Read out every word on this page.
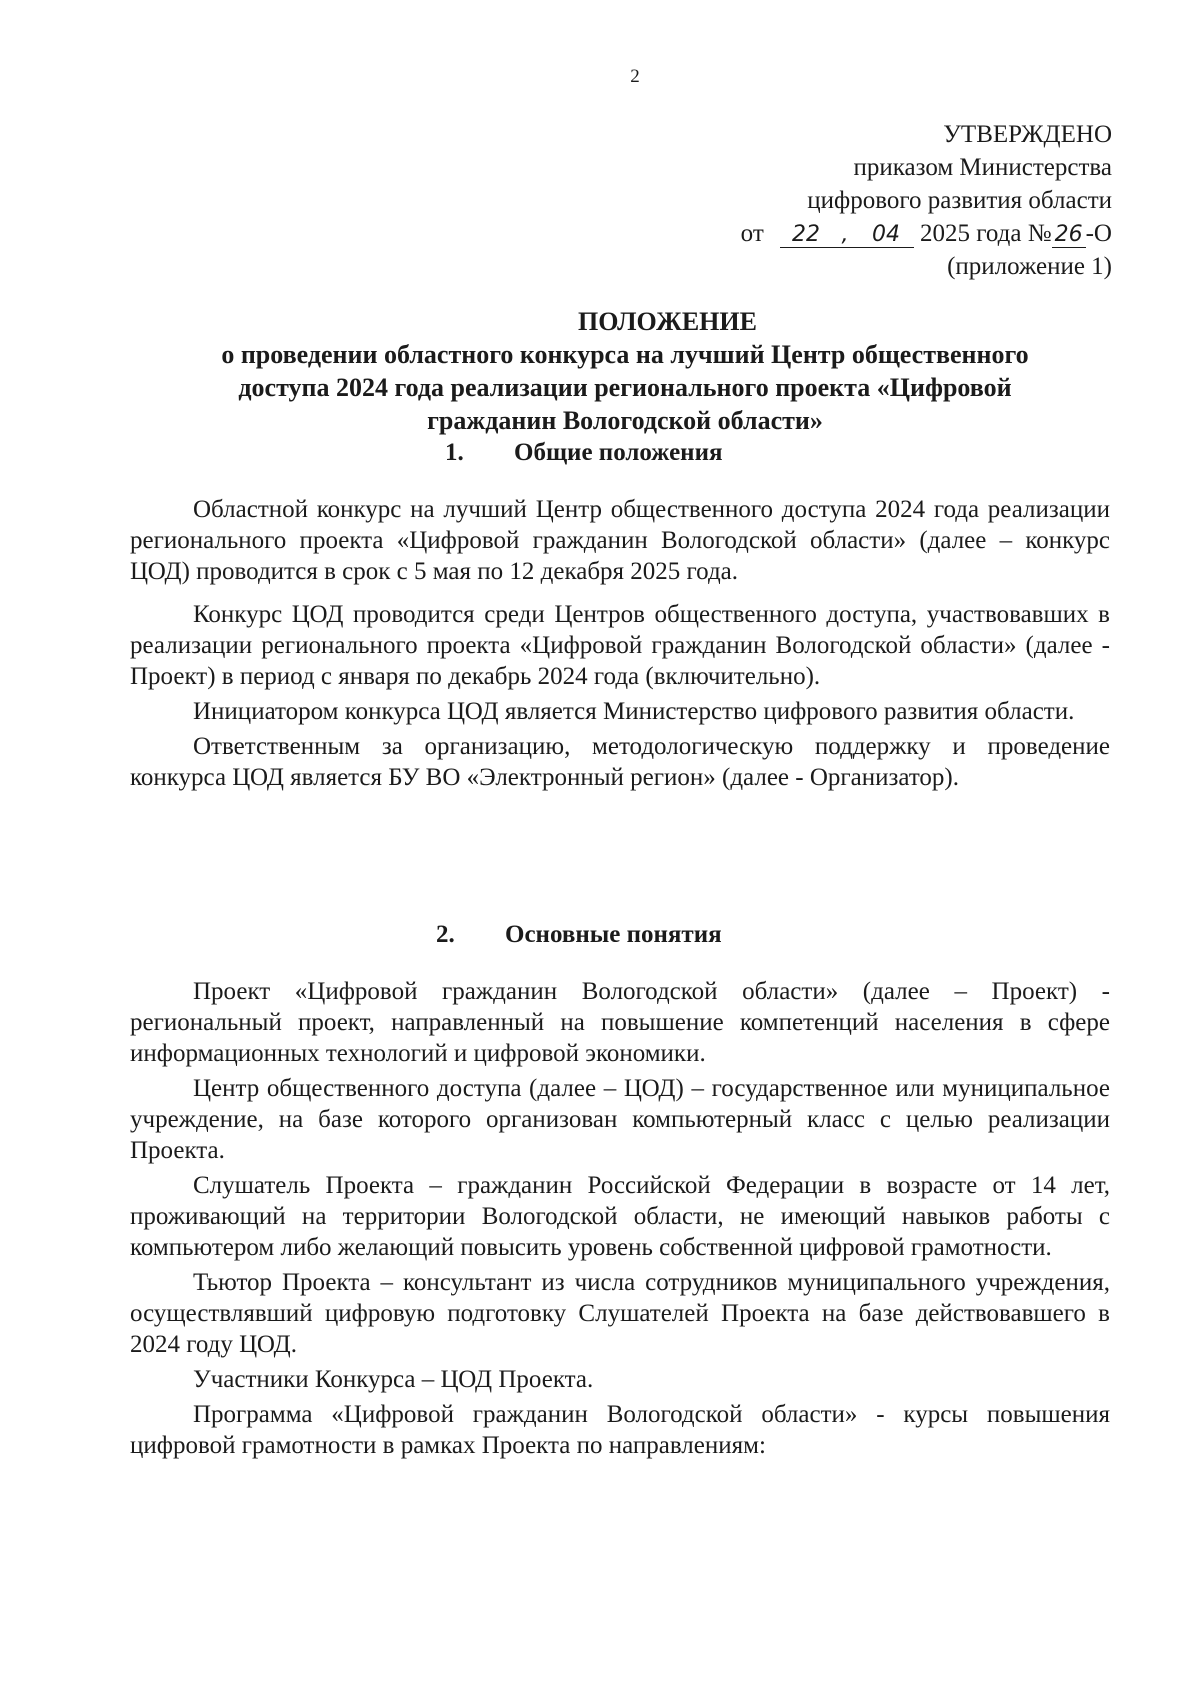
2
УТВЕРЖДЕНО
приказом Министерства
цифрового развития области
от 22 , 04 2025 года № 26 -О
(приложение 1)
ПОЛОЖЕНИЕ
о проведении областного конкурса на лучший Центр общественного
доступа 2024 года реализации регионального проекта «Цифровой
гражданин Вологодской области»
1. Общие положения

Областной конкурс на лучший Центр общественного доступа 2024 года реализации регионального проекта «Цифровой гражданин Вологодской области» (далее – конкурс ЦОД) проводится в срок с 5 мая по 12 декабря 2025 года.

Конкурс ЦОД проводится среди Центров общественного доступа, участвовавших в реализации регионального проекта «Цифровой гражданин Вологодской области» (далее - Проект) в период с января по декабрь 2024 года (включительно).

Инициатором конкурса ЦОД является Министерство цифрового развития области.

Ответственным за организацию, методологическую поддержку и проведение конкурса ЦОД является БУ ВО «Электронный регион» (далее - Организатор).

2. Основные понятия

Проект «Цифровой гражданин Вологодской области» (далее – Проект) - региональный проект, направленный на повышение компетенций населения в сфере информационных технологий и цифровой экономики.

Центр общественного доступа (далее – ЦОД) – государственное или муниципальное учреждение, на базе которого организован компьютерный класс с целью реализации Проекта.

Слушатель Проекта – гражданин Российской Федерации в возрасте от 14 лет, проживающий на территории Вологодской области, не имеющий навыков работы с компьютером либо желающий повысить уровень собственной цифровой грамотности.

Тьютор Проекта – консультант из числа сотрудников муниципального учреждения, осуществлявший цифровую подготовку Слушателей Проекта на базе действовавшего в 2024 году ЦОД.

Участники Конкурса – ЦОД Проекта.

Программа «Цифровой гражданин Вологодской области» - курсы повышения цифровой грамотности в рамках Проекта по направлениям:
